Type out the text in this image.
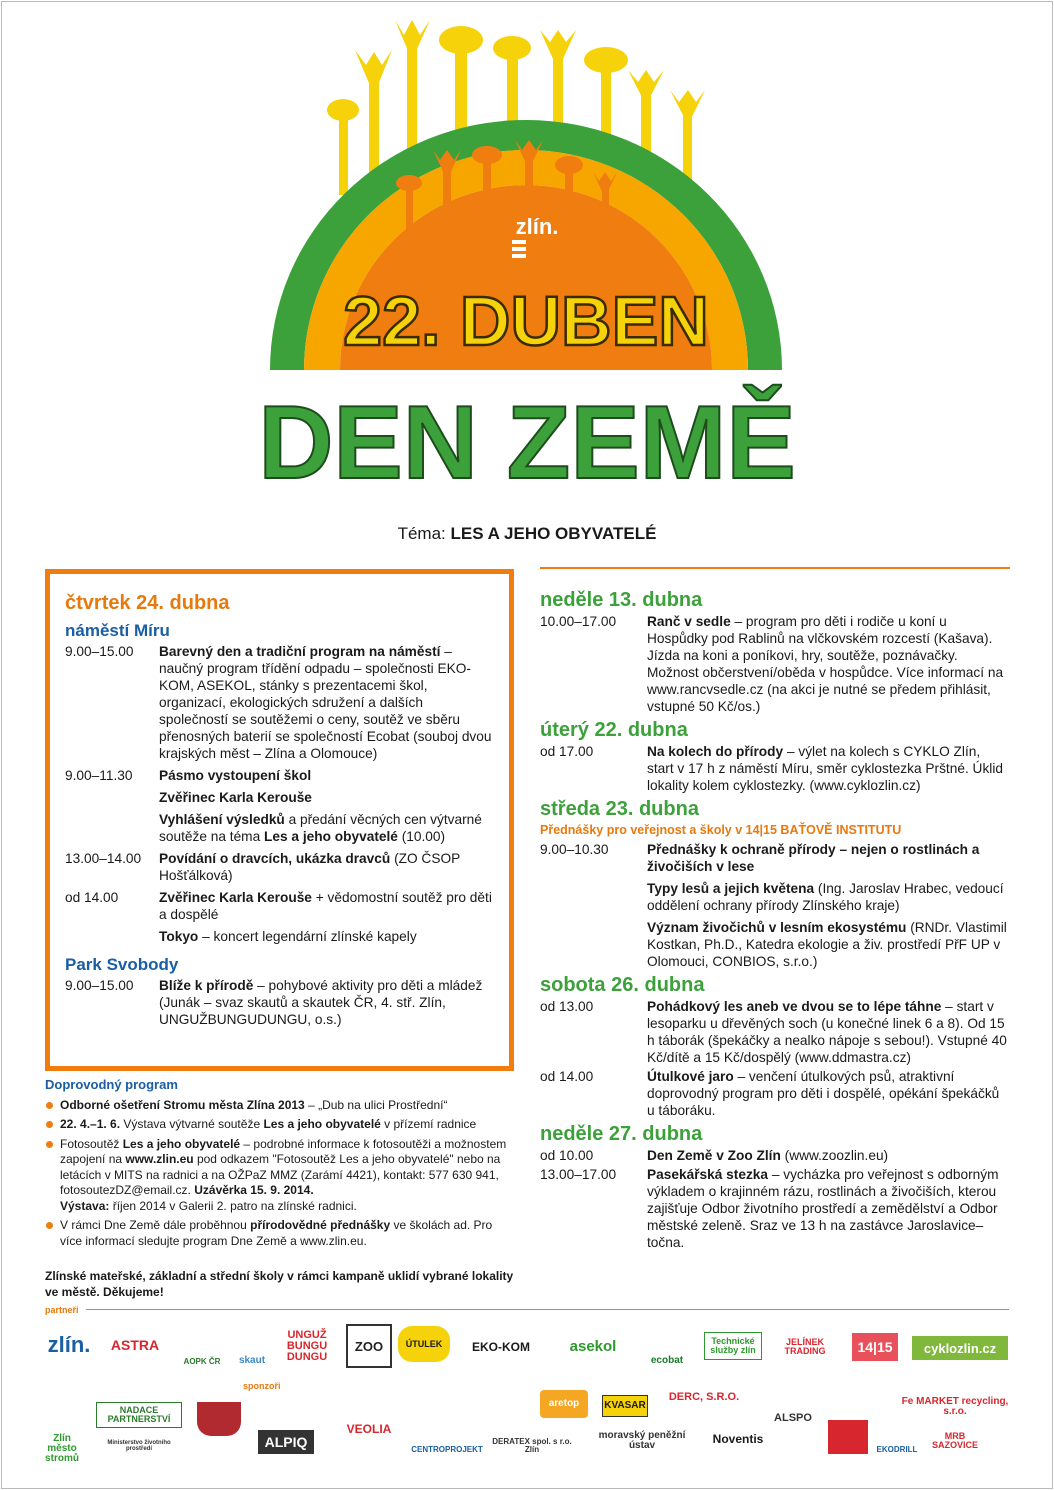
zlín.
22. DUBEN
DEN ZEMĚ
Téma: LES A JEHO OBYVATELÉ
čtvrtek 24. dubna
náměstí Míru
9.00–15.00	Barevný den a tradiční program na náměstí – naučný program třídění odpadu – společnosti EKO-KOM, ASEKOL, stánky s prezentacemi škol, organizací, ekologických sdružení a dalších společností se soutěžemi o ceny, soutěž ve sběru přenosných baterií se společností Ecobat (souboj dvou krajských měst – Zlína a Olomouce)

9.00–11.30	Pásmo vystoupení škol

Zvěřinec Karla Kerouše

Vyhlášení výsledků a předání věcných cen výtvarné soutěže na téma Les a jeho obyvatelé (10.00)

13.00–14.00	Povídání o dravcích, ukázka dravců (ZO ČSOP Hošťálková)

od 14.00	Zvěřinec Karla Kerouše + vědomostní soutěž pro děti a dospělé

Tokyo – koncert legendární zlínské kapely

Park Svobody
9.00–15.00	Blíže k přírodě – pohybové aktivity pro děti a mládež (Junák – svaz skautů a skautek ČR, 4. stř. Zlín, UNGUŽBUNGUDUNGU, o.s.)

neděle 13. dubna
10.00–17.00	Ranč v sedle – program pro děti i rodiče u koní u Hospůdky pod Rablinů na vlčkovském rozcestí (Kašava). Jízda na koni a poníkovi, hry, soutěže, poznávačky. Možnost občerstvení/oběda v hospůdce. Více informací na www.rancvsedle.cz (na akci je nutné se předem přihlásit, vstupné 50 Kč/os.)

úterý 22. dubna
od 17.00	Na kolech do přírody – výlet na kolech s CYKLO Zlín, start v 17 h z náměstí Míru, směr cyklostezka Prštné. Úklid lokality kolem cyklostezky. (www.cyklozlin.cz)

středa 23. dubna
Přednášky pro veřejnost a školy v 14|15 BAŤOVĚ INSTITUTU
9.00–10.30	Přednášky k ochraně přírody – nejen o rostlinách a živočiších v lese

Typy lesů a jejich květena (Ing. Jaroslav Hrabec, vedoucí oddělení ochrany přírody Zlínského kraje)

Význam živočichů v lesním ekosystému (RNDr. Vlastimil Kostkan, Ph.D., Katedra ekologie a živ. prostředí PřF UP v Olomouci, CONBIOS, s.r.o.)

sobota 26. dubna
od 13.00	Pohádkový les aneb ve dvou se to lépe táhne – start v lesoparku u dřevěných soch (u konečné linek 6 a 8). Od 15 h táborák (špekáčky a nealko nápoje s sebou!). Vstupné 40 Kč/dítě a 15 Kč/dospělý (www.ddmastra.cz)

od 14.00	Útulkové jaro – venčení útulkových psů, atraktivní doprovodný program pro děti i dospělé, opékání špekáčků u táboráku.

neděle 27. dubna
od 10.00	Den Země v Zoo Zlín (www.zoozlin.eu)

13.00–17.00	Pasekářská stezka – vycházka pro veřejnost s odborným výkladem o krajinném rázu, rostlinách a živočiších, kterou zajišťuje Odbor životního prostředí a zemědělství a Odbor městské zeleně. Sraz ve 13 h na zastávce Jaroslavice–točna.

Doprovodný program
Odborné ošetření Stromu města Zlína 2013 – „Dub na ulici Prostřední“
22. 4.–1. 6. Výstava výtvarné soutěže Les a jeho obyvatelé v přízemí radnice
Fotosoutěž Les a jeho obyvatelé – podrobné informace k fotosoutěži a možnostem zapojení na www.zlin.eu pod odkazem "Fotosoutěž Les a jeho obyvatelé" nebo na letácích v MITS na radnici a na OŽPaZ MMZ (Zarámí 4421), kontakt: 577 630 941, fotosoutezDZ@email.cz. Uzávěrka 15. 9. 2014.
Výstava: říjen 2014 v Galerii 2. patro na zlínské radnici.
V rámci Dne Země dále proběhnou přírodovědné přednášky ve školách ad. Pro více informací sledujte program Dne Země a www.zlin.eu.
Zlínské mateřské, základní a střední školy v rámci kampaně uklidí vybrané lokality ve městě. Děkujeme!
partneři
zlín.	ASTRA
AOPK ČR	skaut
UNGUŽ BUNGU DUNGU
ZOO	ÚTULEK	EKO-KOM	asekol
ecobat
Technické služby zlín
JELÍNEK TRADING	14|15	cyklozlin.cz
sponzoři
Zlín město stromů
NADACE PARTNERSTVÍ
Ministerstvo životního prostředí	ALPIQ
VEOLIA
CENTROPROJEKT
DERATEX spol. s r.o. Zlín
aretop
moravský peněžní ústav
KVASAR
DERC, S.R.O.
Noventis
ALSPO
EKODRILL
Fe MARKET recycling, s.r.o.
MRB SAZOVICE
